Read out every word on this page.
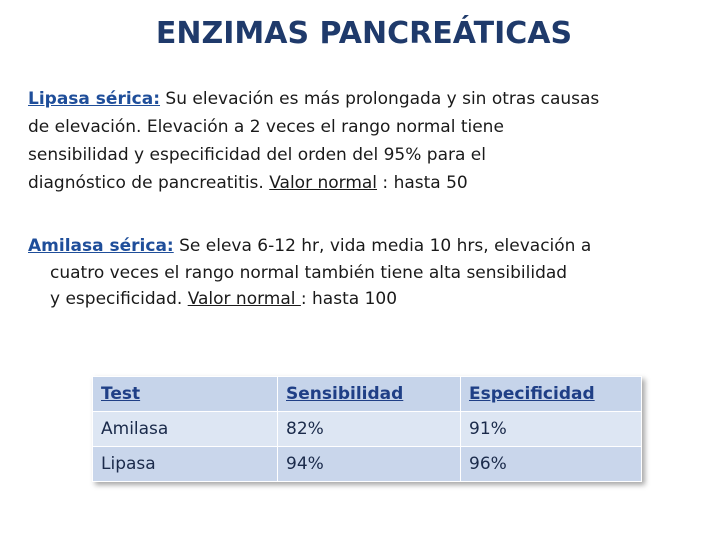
ENZIMAS PANCREÁTICAS
Lipasa sérica: Su elevación es más prolongada y sin otras causas
de elevación. Elevación a 2 veces el rango normal tiene
sensibilidad y especificidad del orden del 95% para el
diagnóstico de pancreatitis. Valor normal : hasta 50
Amilasa sérica: Se eleva 6-12 hr, vida media 10 hrs, elevación a
cuatro veces el rango normal también tiene alta sensibilidad
y especificidad. Valor normal : hasta 100
Test	Sensibilidad	Especificidad
Amilasa	82%	91%
Lipasa	94%	96%
